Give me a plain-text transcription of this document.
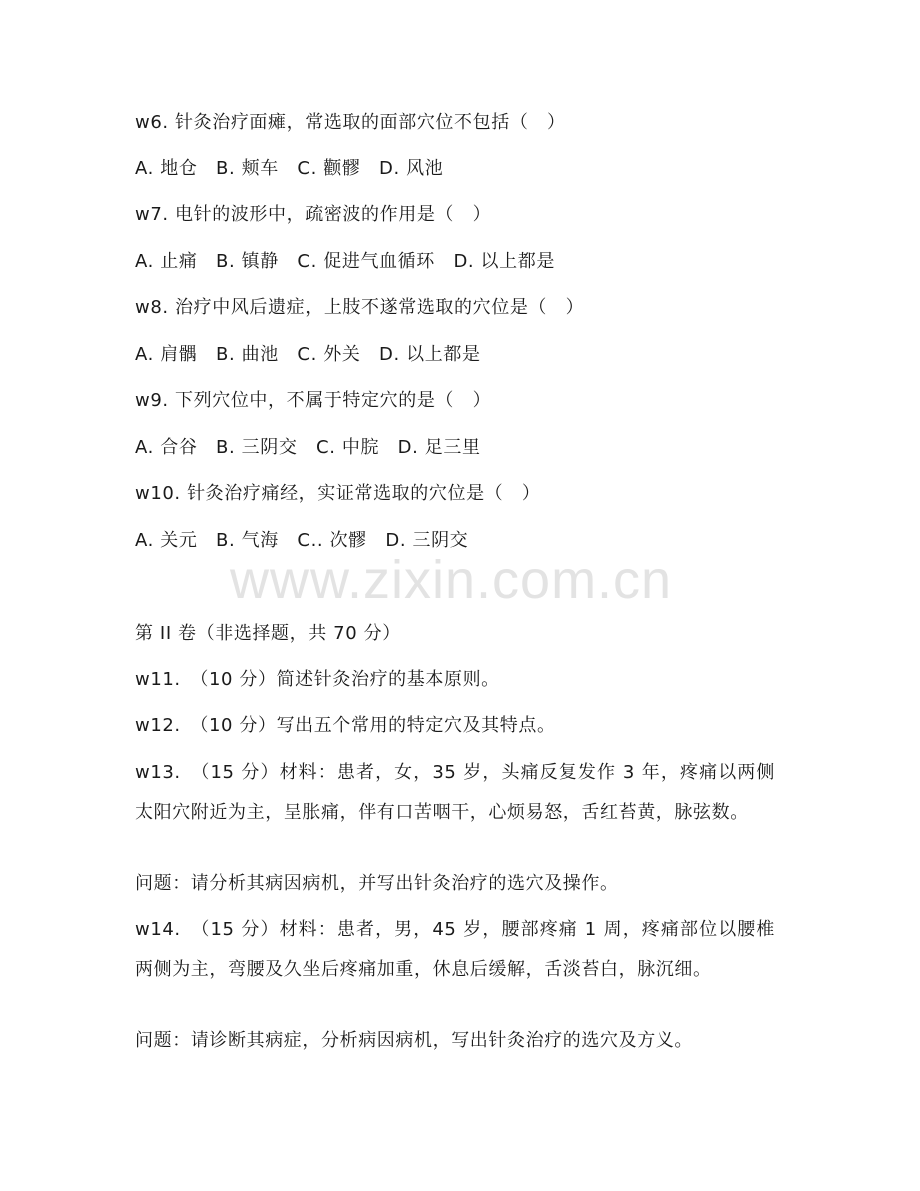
www.zixin.com.cn
w6. 针灸治疗面瘫，常选取的面部穴位不包括（　）
A. 地仓　B. 颊车　C. 颧髎　D. 风池
w7. 电针的波形中，疏密波的作用是（　）
A. 止痛　B. 镇静　C. 促进气血循环　D. 以上都是
w8. 治疗中风后遗症，上肢不遂常选取的穴位是（　）
A. 肩髃　B. 曲池　C. 外关　D. 以上都是
w9. 下列穴位中，不属于特定穴的是（　）
A. 合谷　B. 三阴交　C. 中脘　D. 足三里
w10. 针灸治疗痛经，实证常选取的穴位是（　）
A. 关元　B. 气海　C.. 次髎　D. 三阴交
第 II 卷（非选择题，共 70 分）
w11.　（10 分）简述针灸治疗的基本原则。
w12.　（10 分）写出五个常用的特定穴及其特点。
w13.　（15 分）材料：患者，女，35 岁，头痛反复发作 3 年，疼痛以两侧太阳穴附近为主，呈胀痛，伴有口苦咽干，心烦易怒，舌红苔黄，脉弦数。
问题：请分析其病因病机，并写出针灸治疗的选穴及操作。
w14.　（15 分）材料：患者，男，45 岁，腰部疼痛 1 周，疼痛部位以腰椎两侧为主，弯腰及久坐后疼痛加重，休息后缓解，舌淡苔白，脉沉细。
问题：请诊断其病症，分析病因病机，写出针灸治疗的选穴及方义。
